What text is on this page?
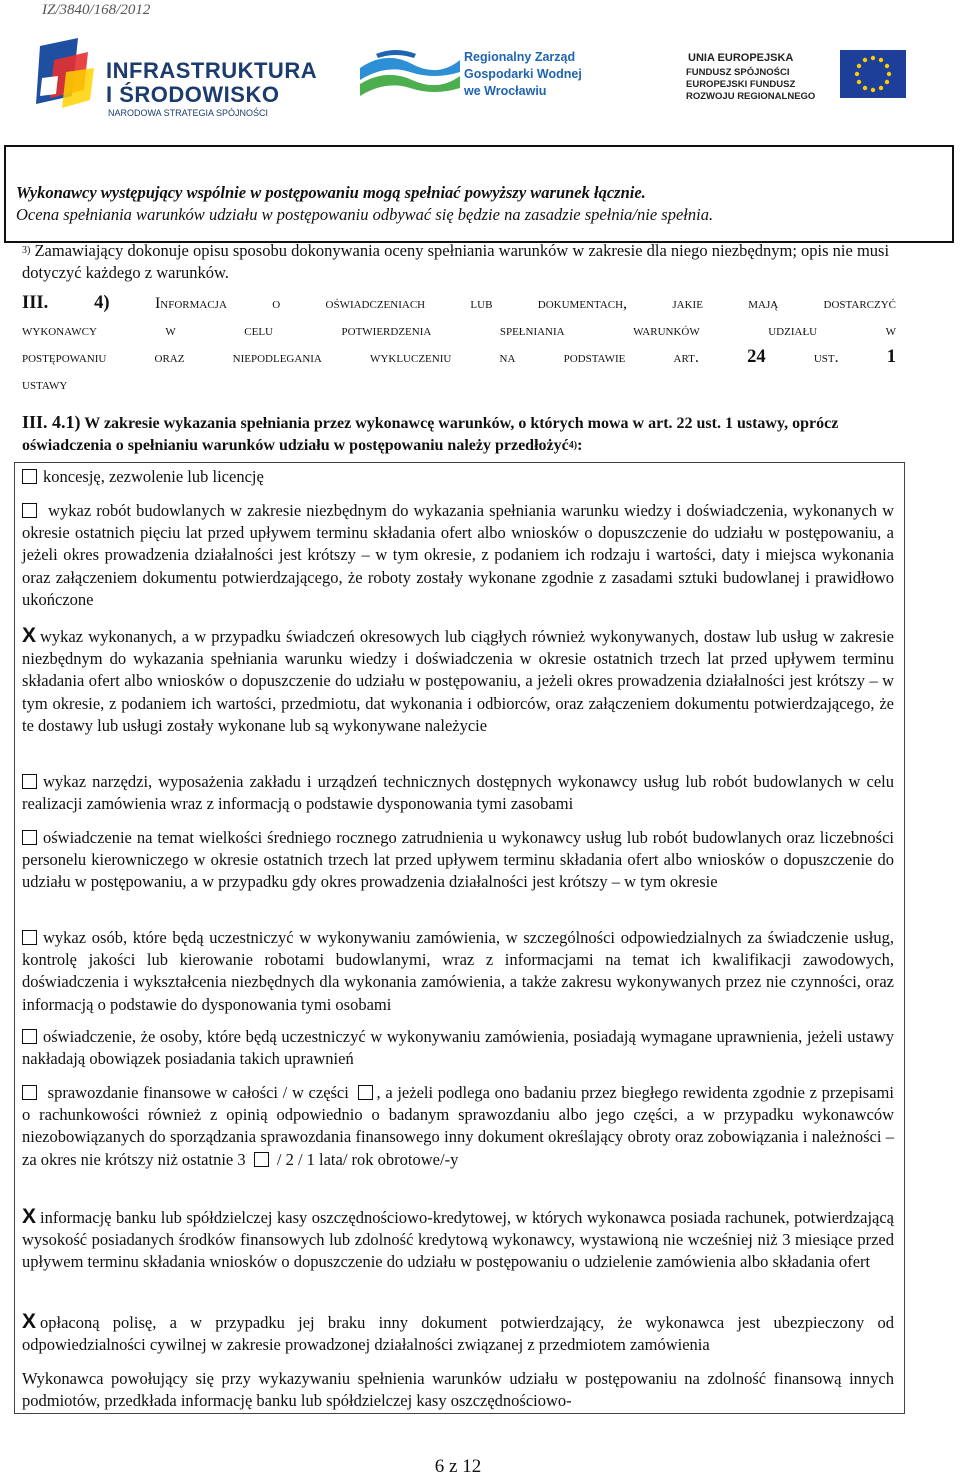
IZ/3840/168/2012
INFRASTRUKTURA
I ŚRODOWISKO
NARODOWA STRATEGIA SPÓJNOŚCI
Regionalny Zarząd
Gospodarki Wodnej
we Wrocławiu
UNIA EUROPEJSKA
FUNDUSZ SPÓJNOŚCI
EUROPEJSKI FUNDUSZ
ROZWOJU REGIONALNEGO

Wykonawcy występujący wspólnie w postępowaniu mogą spełniać powyższy warunek łącznie.

Ocena spełniania warunków udziału w postępowaniu odbywać się będzie na zasadzie spełnia/nie spełnia.

$^{3)}$ Zamawiający dokonuje opisu sposobu dokonywania oceny spełniania warunków w zakresie dla niego niezbędnym; opis nie musi dotyczyć każdego z warunków.
III. 4)	Informacja o oświadczeniach lub dokumentach, jakie mają dostarczyć
wykonawcy w celu potwierdzenia spełniania warunków udziału w
postępowaniu oraz niepodlegania wykluczeniu na podstawie art.	24	ust.	1
ustawy
III. 4.1) W zakresie wykazania spełniania przez wykonawcę warunków, o których mowa w art. 22 ust. 1 ustawy, oprócz oświadczenia o spełnianiu warunków udziału w postępowaniu należy przedłożyć$^{4)}$:
koncesję, zezwolenie lub licencję
wykaz robót budowlanych w zakresie niezbędnym do wykazania spełniania warunku wiedzy i doświadczenia, wykonanych w okresie ostatnich pięciu lat przed upływem terminu składania ofert albo wniosków o dopuszczenie do udziału w postępowaniu, a jeżeli okres prowadzenia działalności jest krótszy – w tym okresie, z podaniem ich rodzaju i wartości, daty i miejsca wykonania oraz załączeniem dokumentu potwierdzającego, że roboty zostały wykonane zgodnie z zasadami sztuki budowlanej i prawidłowo ukończone
X wykaz wykonanych, a w przypadku świadczeń okresowych lub ciągłych również wykonywanych, dostaw lub usług w zakresie niezbędnym do wykazania spełniania warunku wiedzy i doświadczenia w okresie ostatnich trzech lat przed upływem terminu składania ofert albo wniosków o dopuszczenie do udziału w postępowaniu, a jeżeli okres prowadzenia działalności jest krótszy – w tym okresie, z podaniem ich wartości, przedmiotu, dat wykonania i odbiorców, oraz załączeniem dokumentu potwierdzającego, że te dostawy lub usługi zostały wykonane lub są wykonywane należycie
wykaz narzędzi, wyposażenia zakładu i urządzeń technicznych dostępnych wykonawcy usług lub robót budowlanych w celu realizacji zamówienia wraz z informacją o podstawie dysponowania tymi zasobami
oświadczenie na temat wielkości średniego rocznego zatrudnienia u wykonawcy usług lub robót budowlanych oraz liczebności personelu kierowniczego w okresie ostatnich trzech lat przed upływem terminu składania ofert albo wniosków o dopuszczenie do udziału w postępowaniu, a w przypadku gdy okres prowadzenia działalności jest krótszy – w tym okresie
wykaz osób, które będą uczestniczyć w wykonywaniu zamówienia, w szczególności odpowiedzialnych za świadczenie usług, kontrolę jakości lub kierowanie robotami budowlanymi, wraz z informacjami na temat ich kwalifikacji zawodowych, doświadczenia i wykształcenia niezbędnych dla wykonania zamówienia, a także zakresu wykonywanych przez nie czynności, oraz informacją o podstawie do dysponowania tymi osobami
oświadczenie, że osoby, które będą uczestniczyć w wykonywaniu zamówienia, posiadają wymagane uprawnienia, jeżeli ustawy nakładają obowiązek posiadania takich uprawnień
sprawozdanie finansowe w całości / w części , a jeżeli podlega ono badaniu przez biegłego rewidenta zgodnie z przepisami o rachunkowości również z opinią odpowiednio o badanym sprawozdaniu albo jego części, a w przypadku wykonawców niezobowiązanych do sporządzania sprawozdania finansowego inny dokument określający obroty oraz zobowiązania i należności – za okres nie krótszy niż ostatnie 3  / 2 / 1 lata/ rok obrotowe/-y
X informację banku lub spółdzielczej kasy oszczędnościowo-kredytowej, w których wykonawca posiada rachunek, potwierdzającą wysokość posiadanych środków finansowych lub zdolność kredytową wykonawcy, wystawioną nie wcześniej niż 3 miesiące przed upływem terminu składania wniosków o dopuszczenie do udziału w postępowaniu o udzielenie zamówienia albo składania ofert
X opłaconą polisę, a w przypadku jej braku inny dokument potwierdzający, że wykonawca jest ubezpieczony od odpowiedzialności cywilnej w zakresie prowadzonej działalności związanej z przedmiotem zamówienia
Wykonawca powołujący się przy wykazywaniu spełnienia warunków udziału w postępowaniu na zdolność finansową innych podmiotów, przedkłada informację banku lub spółdzielczej kasy oszczędnościowo-
6 z 12
